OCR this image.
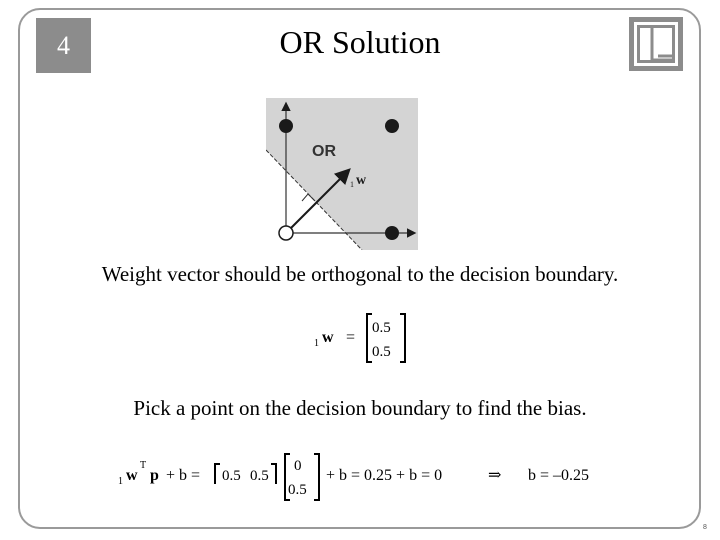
4	OR Solution
OR
1 w
Weight vector should be orthogonal to the decision boundary.
1 w =
0.5
0.5
Pick a point on the decision boundary to find the bias.
1 w
T
p + b = 0.5 0.5
0
0.5
+ b = 0.25 + b = 0	⇒ b = –0.25
8
